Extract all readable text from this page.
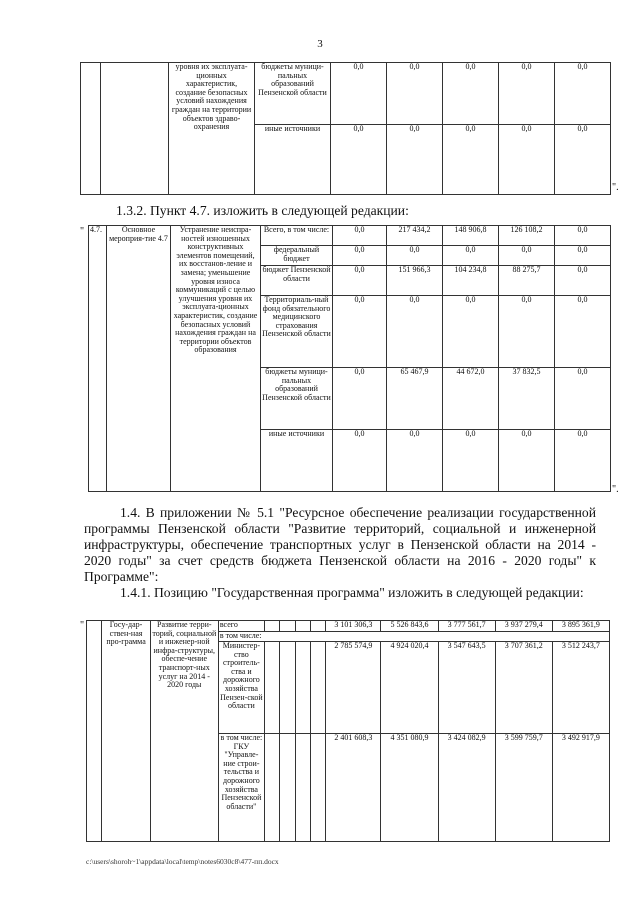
3
		уровня их эксплуата-ционных характеристик, создание безопасных условий нахождения граждан на территории объектов здраво-охранения	бюджеты муници-пальных образований Пензенской области	0,0	0,0	0,0	0,0	0,0
			иные источники	0,0	0,0	0,0	0,0	0,0
".
1.3.2. Пункт 4.7. изложить в следующей редакции:
" 4.7.	Основное мероприя-тие 4.7	Устранение неиспра-ностей изношенных конструктивных элементов помещений, их восстанов-ление и замена; уменьшение уровня износа коммуникаций с целью улучшения уровня их эксплуата-ционных характеристик, создание безопасных условий нахождения граждан на территории объектов образования	Всего, в том числе:	0,0	217 434,2	148 906,8	126 108,2	0,0
			федеральный бюджет	0,0	0,0	0,0	0,0	0,0
			бюджет Пензенской области	0,0	151 966,3	104 234,8	88 275,7	0,0
			Территориаль-ный фонд обязательного медицинского страхования Пензенской области	0,0	0,0	0,0	0,0	0,0
			бюджеты муници-пальных образований Пензенской области	0,0	65 467,9	44 672,0	37 832,5	0,0
			иные источники	0,0	0,0	0,0	0,0	0,0
".
1.4. В приложении № 5.1 "Ресурсное обеспечение реализации государственной программы Пензенской области "Развитие территорий, социальной и инженерной инфраструктуры, обеспечение транспортных услуг в Пензенской области на 2014 - 2020 годы" за счет средств бюджета Пензенской области на 2016 - 2020 годы" к Программе":
1.4.1. Позицию "Государственная программа" изложить в следующей редакции:
"
		Госу-дар-ствен-ная про-грамма	Развитие терри-торий, социальной и инженер-ной инфра-структуры, обеспе-чение транспорт-ных услуг на 2014 - 2020 годы	всего					3 101 306,3	5 526 843,6	3 777 561,7	3 937 279,4	3 895 361,9
			в том числе:									
			Министер-ство строитель-ства и дорожного хозяйства Пензен-ской области					2 785 574,9	4 924 020,4	3 547 643,5	3 707 361,2	3 512 243,7
			в том числе: ГКУ "Управле-ние строи-тельства и дорожного хозяйства Пензенской области"					2 401 608,3	4 351 080,9	3 424 082,9	3 599 759,7	3 492 917,9
c:\users\shoroh~1\appdata\local\temp\notes6030c8\477-пп.docx
